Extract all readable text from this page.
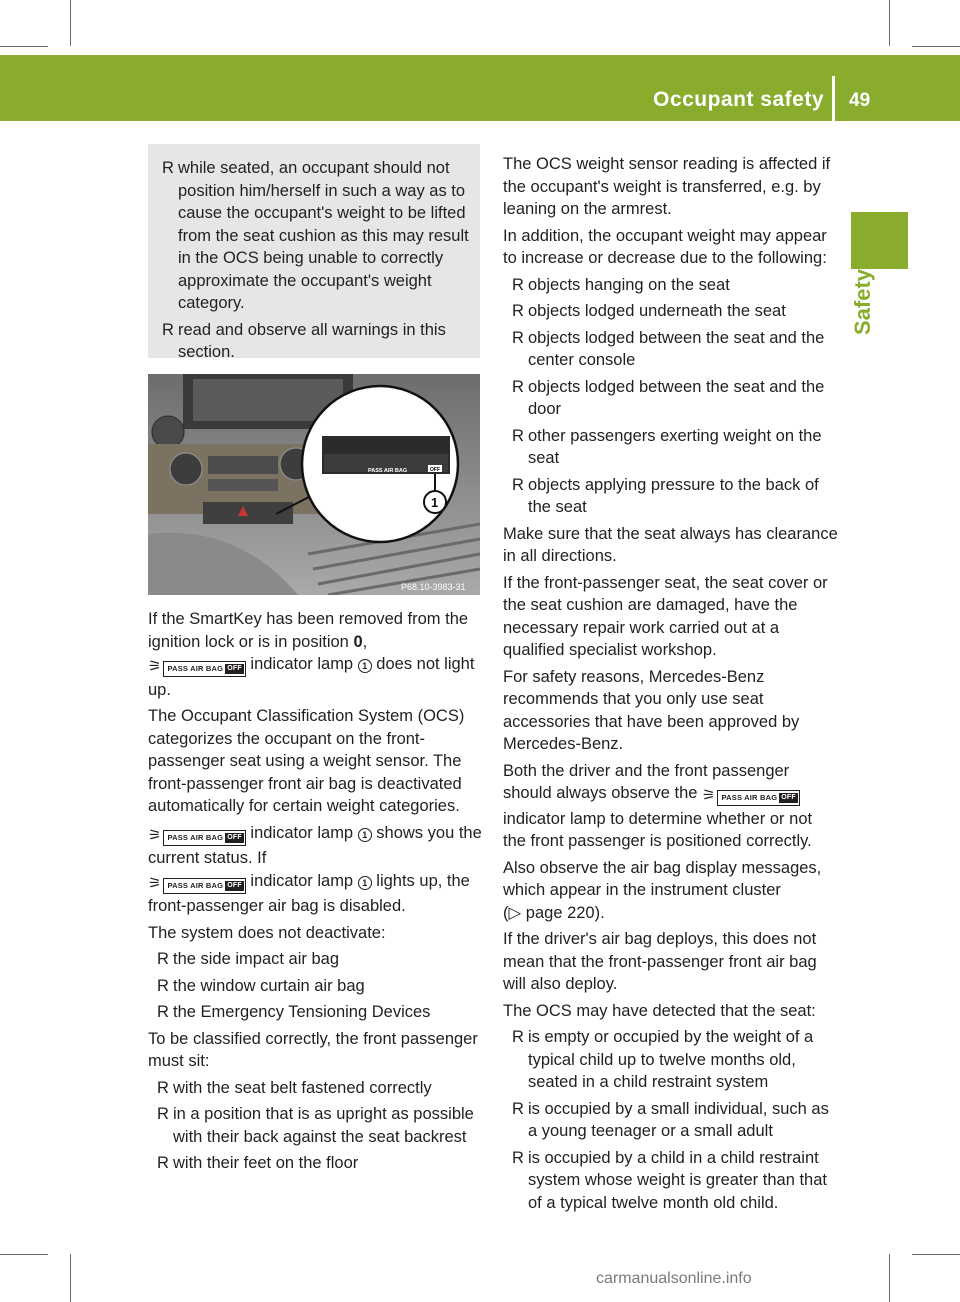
Occupant safety 49
Safety
R while seated, an occupant should not position him/herself in such a way as to cause the occupant's weight to be lifted from the seat cushion as this may result in the OCS being unable to correctly approximate the occupant's weight category.
R read and observe all warnings in this section.
PASS AIR BAG	OFF
1
P68.10-3983-31

If the SmartKey has been removed from the ignition lock or is in position 0,
⚞ PASS AIR BAG OFF indicator lamp 1 does not light up.

The Occupant Classification System (OCS) categorizes the occupant on the front-passenger seat using a weight sensor. The front-passenger front air bag is deactivated automatically for certain weight categories.

⚞ PASS AIR BAG OFF indicator lamp 1 shows you the current status. If
⚞ PASS AIR BAG OFF indicator lamp 1 lights up, the front-passenger air bag is disabled.

The system does not deactivate:

R the side impact air bag
R the window curtain air bag
R the Emergency Tensioning Devices

To be classified correctly, the front passenger must sit:

R with the seat belt fastened correctly
R in a position that is as upright as possible with their back against the seat backrest
R with their feet on the floor

The OCS weight sensor reading is affected if the occupant's weight is transferred, e.g. by leaning on the armrest.

In addition, the occupant weight may appear to increase or decrease due to the following:

R objects hanging on the seat
R objects lodged underneath the seat
R objects lodged between the seat and the center console
R objects lodged between the seat and the door
R other passengers exerting weight on the seat
R objects applying pressure to the back of the seat

Make sure that the seat always has clearance in all directions.

If the front-passenger seat, the seat cover or the seat cushion are damaged, have the necessary repair work carried out at a qualified specialist workshop.

For safety reasons, Mercedes-Benz recommends that you only use seat accessories that have been approved by Mercedes-Benz.

Both the driver and the front passenger should always observe the ⚞ PASS AIR BAG OFF indicator lamp to determine whether or not the front passenger is positioned correctly.

Also observe the air bag display messages, which appear in the instrument cluster
(▷ page 220).

If the driver's air bag deploys, this does not mean that the front-passenger front air bag will also deploy.

The OCS may have detected that the seat:

R is empty or occupied by the weight of a typical child up to twelve months old, seated in a child restraint system
R is occupied by a small individual, such as a young teenager or a small adult
R is occupied by a child in a child restraint system whose weight is greater than that of a typical twelve month old child.
carmanualsonline.info
